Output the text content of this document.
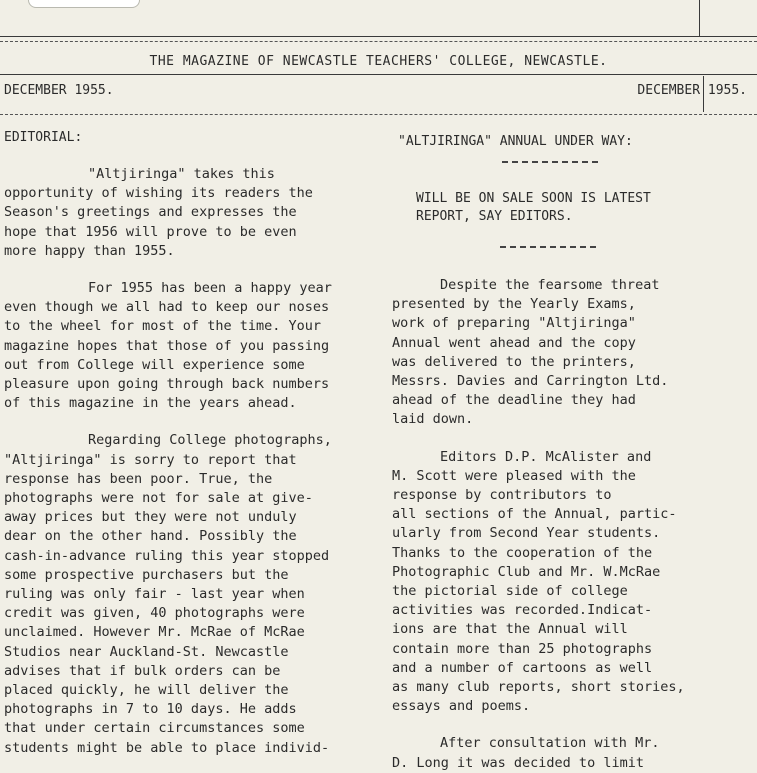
THE MAGAZINE OF NEWCASTLE TEACHERS' COLLEGE, NEWCASTLE.

DECEMBER 1955.	DECEMBER 1955.

EDITORIAL:

"Altjiringa" takes this
opportunity of wishing its readers the
Season's greetings and expresses the
hope that 1956 will prove to be even
more happy than 1955.

For 1955 has been a happy year
even though we all had to keep our noses
to the wheel for most of the time. Your
magazine hopes that those of you passing
out from College will experience some
pleasure upon going through back numbers
of this magazine in the years ahead.

Regarding College photographs,
"Altjiringa" is sorry to report that
response has been poor. True, the
photographs were not for sale at give-
away prices but they were not unduly
dear on the other hand. Possibly the
cash-in-advance ruling this year stopped
some prospective purchasers but the
ruling was only fair - last year when
credit was given, 40 photographs were
unclaimed. However Mr. McRae of McRae
Studios near Auckland-St. Newcastle
advises that if bulk orders can be
placed quickly, he will deliver the
photographs in 7 to 10 days. He adds
that under certain circumstances some
students might be able to place individ-

"ALTJIRINGA" ANNUAL UNDER WAY:

WILL BE ON SALE SOON IS LATEST

REPORT, SAY EDITORS.

Despite the fearsome threat
presented by the Yearly Exams,
work of preparing "Altjiringa"
Annual went ahead and the copy
was delivered to the printers,
Messrs. Davies and Carrington Ltd.
ahead of the deadline they had
laid down.

Editors D.P. McAlister and
M. Scott were pleased with the
response by contributors to
all sections of the Annual, partic-
ularly from Second Year students.
Thanks to the cooperation of the
Photographic Club and Mr. W.McRae
the pictorial side of college
activities was recorded.Indicat-
ions are that the Annual will
contain more than 25 photographs
and a number of cartoons as well
as many club reports, short stories,
essays and poems.

After consultation with Mr.
D. Long it was decided to limit
